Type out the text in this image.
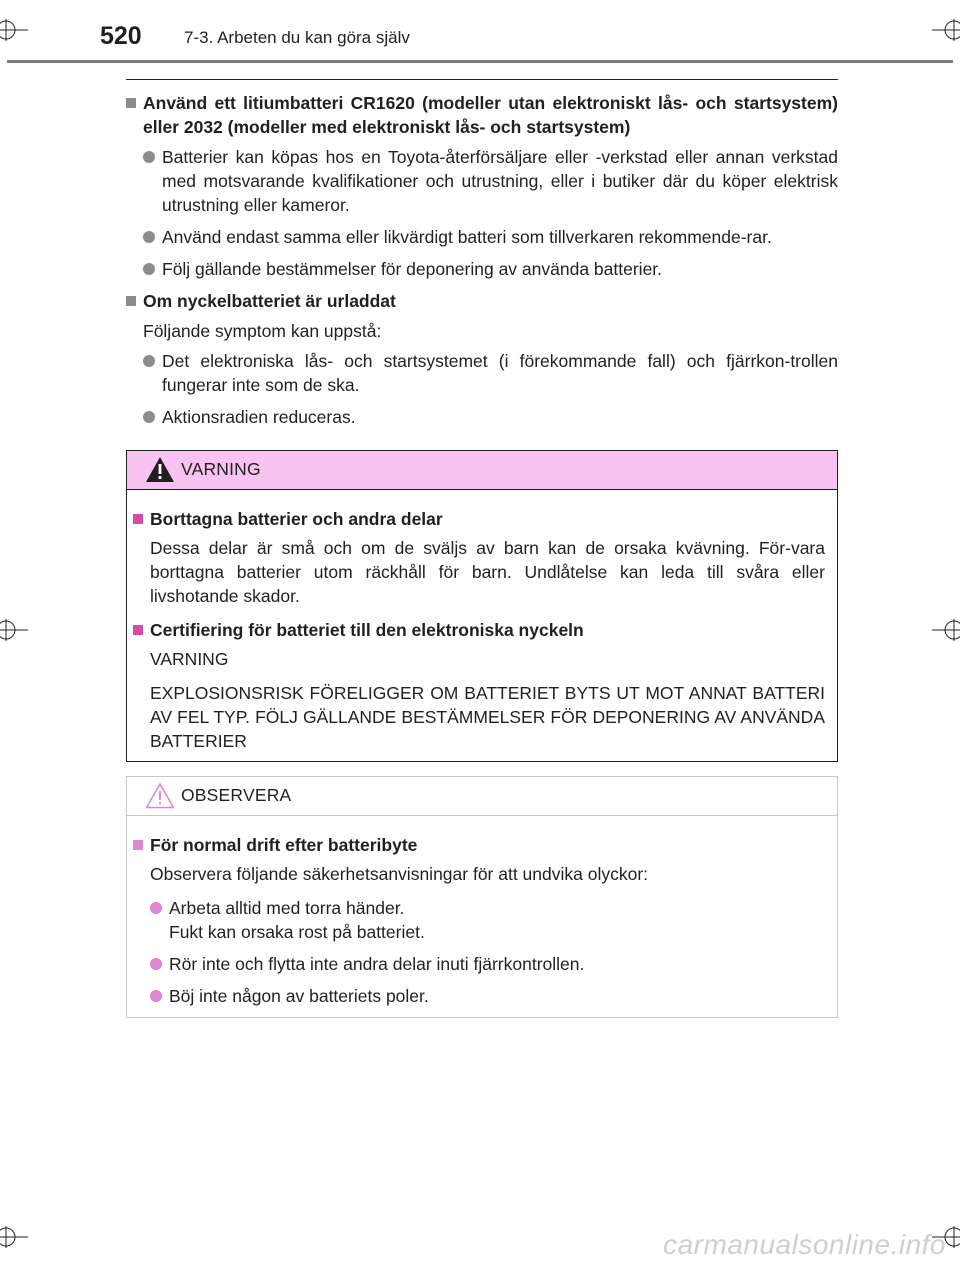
520 7-3. Arbeten du kan göra själv
Använd ett litiumbatteri CR1620 (modeller utan elektroniskt lås- och startsystem) eller 2032 (modeller med elektroniskt lås- och startsystem)
Batterier kan köpas hos en Toyota-återförsäljare eller -verkstad eller annan verkstad med motsvarande kvalifikationer och utrustning, eller i butiker där du köper elektrisk utrustning eller kameror.
Använd endast samma eller likvärdigt batteri som tillverkaren rekommende-rar.
Följ gällande bestämmelser för deponering av använda batterier.
Om nyckelbatteriet är urladdat
Följande symptom kan uppstå:
Det elektroniska lås- och startsystemet (i förekommande fall) och fjärrkon-trollen fungerar inte som de ska.
Aktionsradien reduceras.
VARNING
Borttagna batterier och andra delar
Dessa delar är små och om de sväljs av barn kan de orsaka kvävning. För-vara borttagna batterier utom räckhåll för barn. Undlåtelse kan leda till svåra eller livshotande skador.
Certifiering för batteriet till den elektroniska nyckeln
VARNING
EXPLOSIONSRISK FÖRELIGGER OM BATTERIET BYTS UT MOT ANNAT BATTERI AV FEL TYP. FÖLJ GÄLLANDE BESTÄMMELSER FÖR DEPONERING AV ANVÄNDA BATTERIER
OBSERVERA
För normal drift efter batteribyte
Observera följande säkerhetsanvisningar för att undvika olyckor:
Arbeta alltid med torra händer.
Fukt kan orsaka rost på batteriet.
Rör inte och flytta inte andra delar inuti fjärrkontrollen.
Böj inte någon av batteriets poler.
carmanualsonline.info
